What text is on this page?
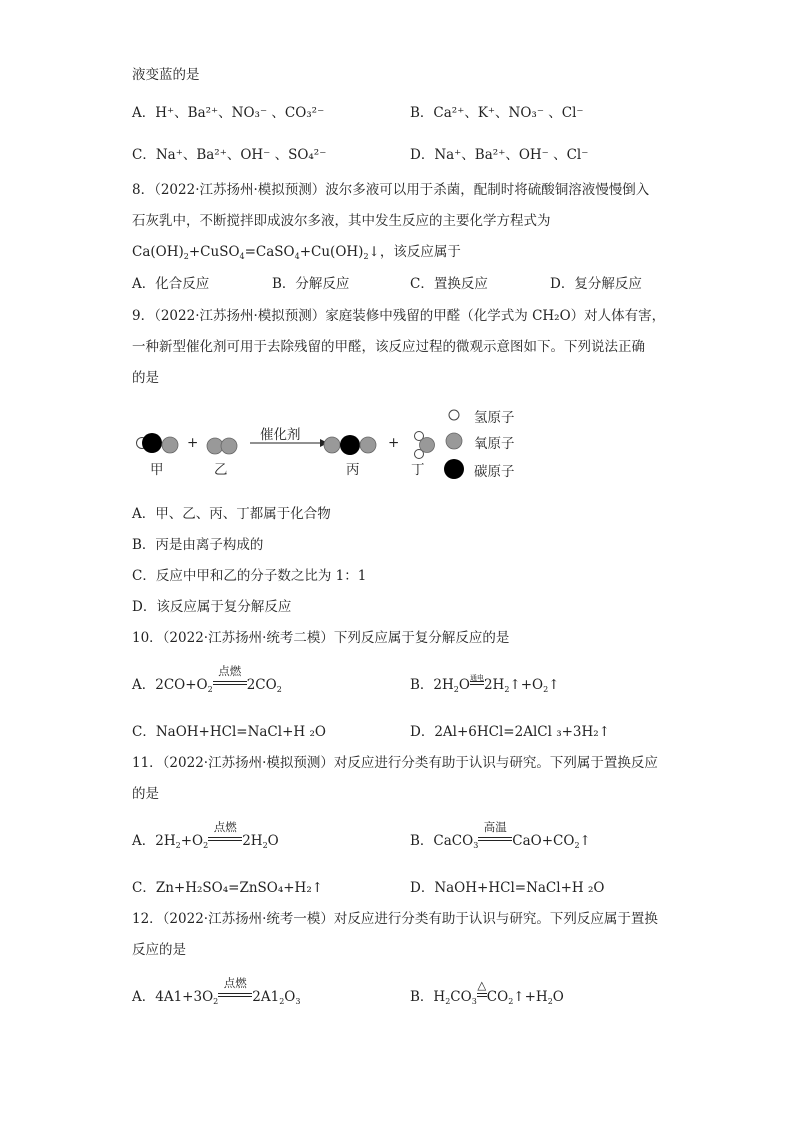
液变蓝的是
A．H⁺、Ba²⁺、NO₃⁻ 、CO₃²⁻	B．Ca²⁺、K⁺、NO₃⁻ 、Cl⁻
C．Na⁺、Ba²⁺、OH⁻ 、SO₄²⁻	D．Na⁺、Ba²⁺、OH⁻ 、Cl⁻
8．（2022·江苏扬州·模拟预测）波尔多液可以用于杀菌，配制时将硫酸铜溶液慢慢倒入
石灰乳中，不断搅拌即成波尔多液，其中发生反应的主要化学方程式为
$Ca(OH)_2+CuSO_4=CaSO_4+Cu(OH)_2↓$，该反应属于
A．化合反应	B．分解反应	C．置换反应	D．复分解反应
9．（2022·江苏扬州·模拟预测）家庭装修中残留的甲醛（化学式为 CH₂O）对人体有害，
一种新型催化剂可用于去除残留的甲醛，该反应过程的微观示意图如下。下列说法正确
的是
甲	乙
+	催化剂
丙
+
丁
氢原子
氧原子
碳原子
A．甲、乙、丙、丁都属于化合物
B．丙是由离子构成的
C．反应中甲和乙的分子数之比为 1：1
D．该反应属于复分解反应
10．（2022·江苏扬州·统考二模）下列反应属于复分解反应的是
A．$2CO+O_2$
点燃
$2CO_2$	B．$2H_2O$ 通电 $2H_2↑+O_2↑$
C．NaOH+HCl=NaCl+H ₂O	D．2Al+6HCl=2AlCl ₃+3H₂↑
11．（2022·江苏扬州·模拟预测）对反应进行分类有助于认识与研究。下列属于置换反应
的是
A．$2H_2+O_2$
点燃
$2H_2O$	B．CaCO$_3$
高温
$CaO+CO_2↑$
C．Zn+H₂SO₄=ZnSO₄+H₂↑	D．NaOH+HCl=NaCl+H ₂O
12．（2022·江苏扬州·统考一模）对反应进行分类有助于认识与研究。下列反应属于置换
反应的是
A．$4A1+3O_2$
点燃
$2A1_2O_3$	B．$H_2CO_3$
△
$CO_2↑+H_2O$
